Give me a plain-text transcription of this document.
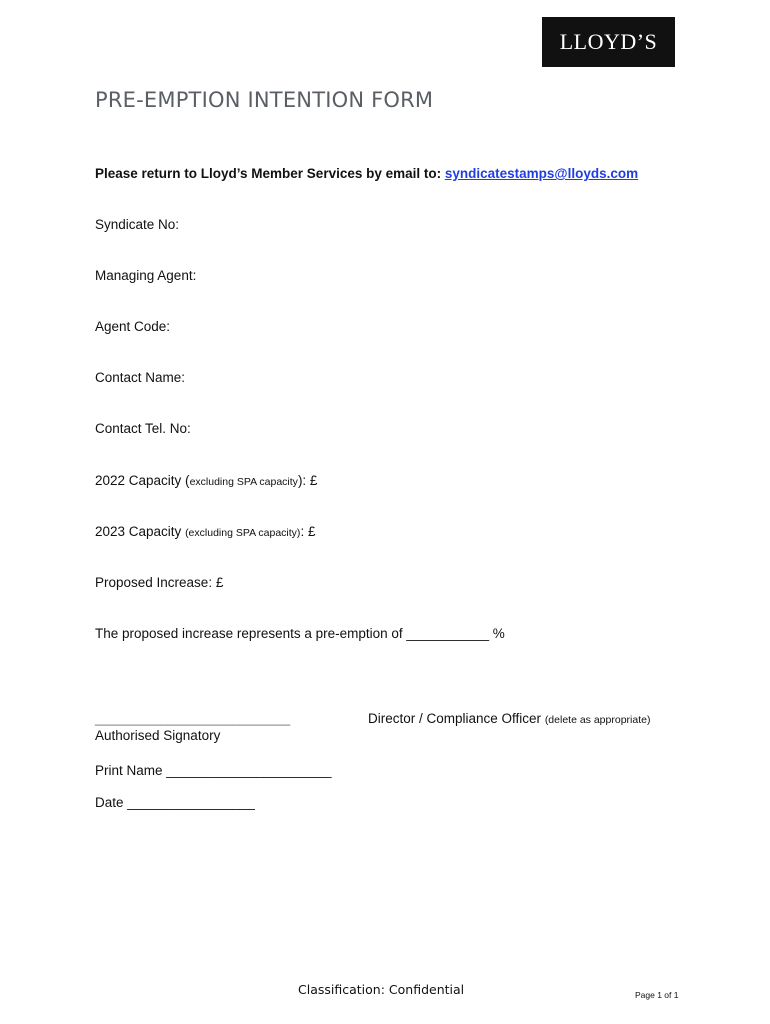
LLOYD’S
PRE-EMPTION INTENTION FORM
Please return to Lloyd’s Member Services by email to: syndicatestamps@lloyds.com
Syndicate No:
Managing Agent:
Agent Code:
Contact Name:
Contact Tel. No:
2022 Capacity (excluding SPA capacity): £
2023 Capacity (excluding SPA capacity): £
Proposed Increase: £
The proposed increase represents a pre-emption of ___________ %
___________________________	Director / Compliance Officer (delete as appropriate)
Authorised Signatory
Print Name ______________________
Date _________________
Classification: Confidential	Page 1 of 1
